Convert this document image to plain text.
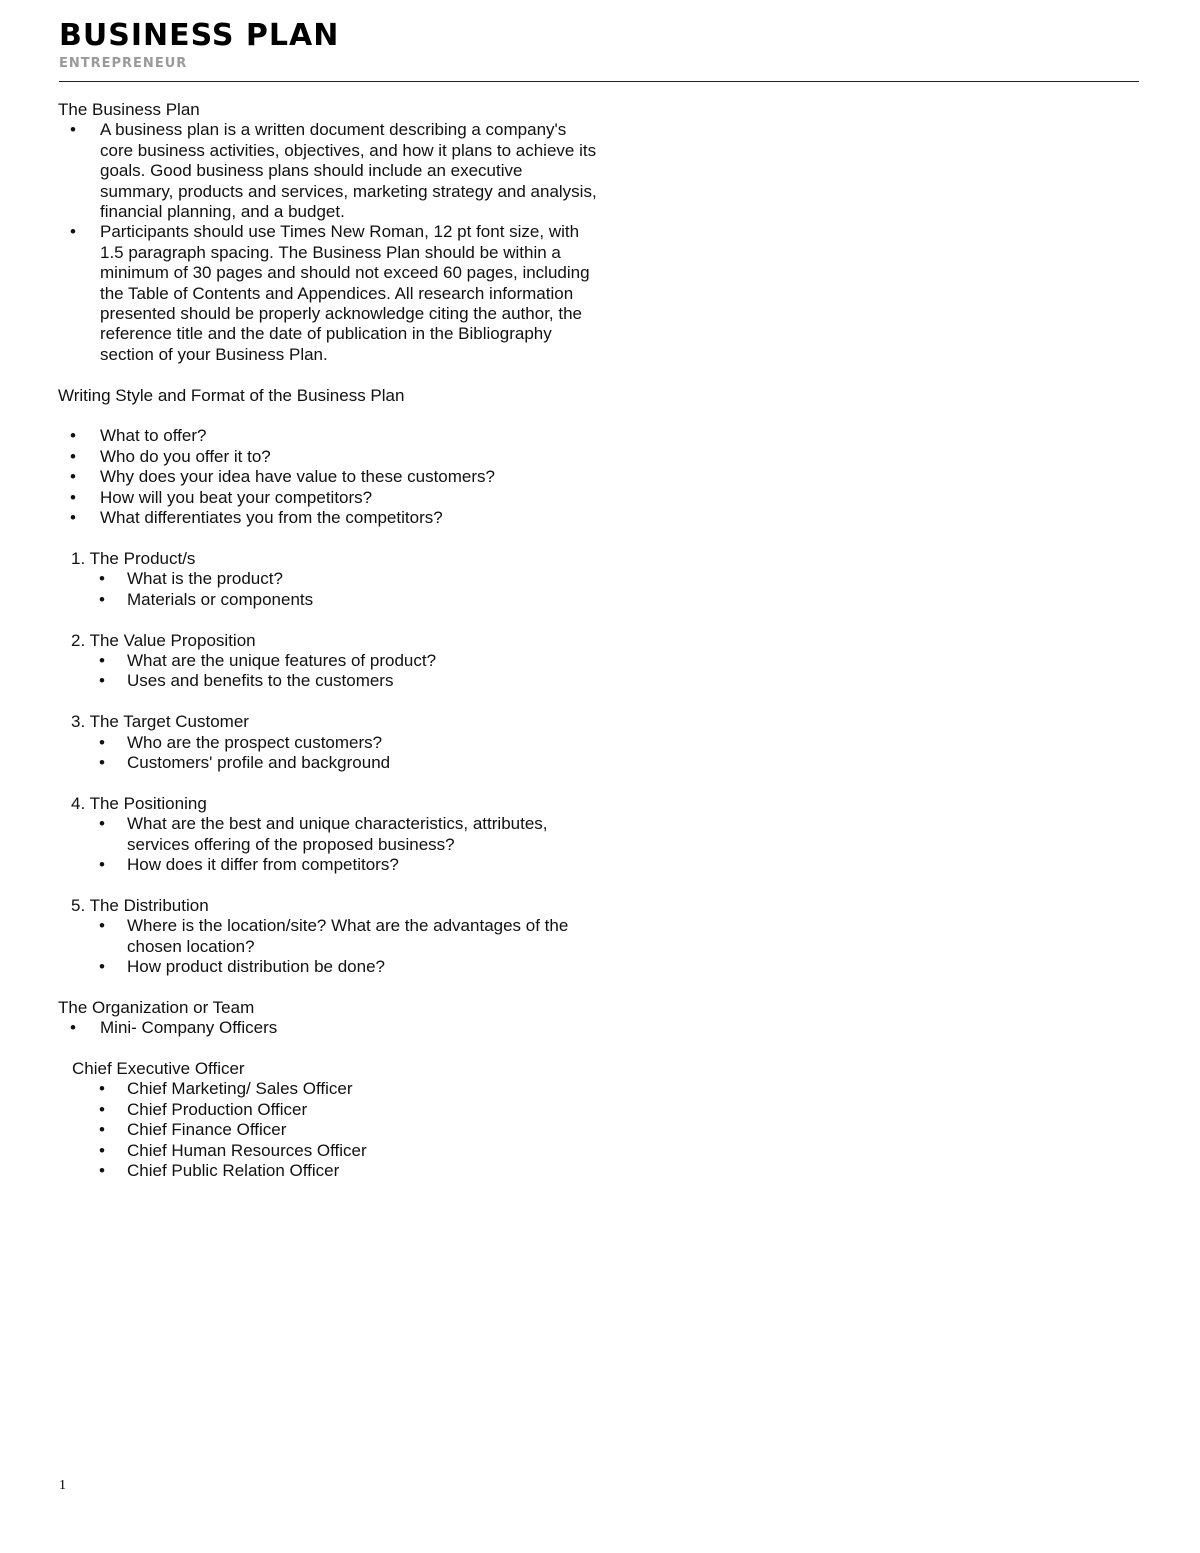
BUSINESS PLAN
ENTREPRENEUR

The Business Plan

• A business plan is a written document describing a company's core business activities, objectives, and how it plans to achieve its goals. Good business plans should include an executive summary, products and services, marketing strategy and analysis, financial planning, and a budget.
• Participants should use Times New Roman, 12 pt font size, with 1.5 paragraph spacing. The Business Plan should be within a minimum of 30 pages and should not exceed 60 pages, including the Table of Contents and Appendices. All research information presented should be properly acknowledge citing the author, the reference title and the date of publication in the Bibliography section of your Business Plan.

Writing Style and Format of the Business Plan

• What to offer?
• Who do you offer it to?
• Why does your idea have value to these customers?
• How will you beat your competitors?
• What differentiates you from the competitors?

1. The Product/s

• What is the product?
• Materials or components

2. The Value Proposition

• What are the unique features of product?
• Uses and benefits to the customers

3. The Target Customer

• Who are the prospect customers?
• Customers' profile and background

4. The Positioning

• What are the best and unique characteristics, attributes, services offering of the proposed business?
• How does it differ from competitors?

5. The Distribution

• Where is the location/site? What are the advantages of the chosen location?
• How product distribution be done?

The Organization or Team

• Mini- Company Officers

Chief Executive Officer

• Chief Marketing/ Sales Officer
• Chief Production Officer
• Chief Finance Officer
• Chief Human Resources Officer
• Chief Public Relation Officer
1
